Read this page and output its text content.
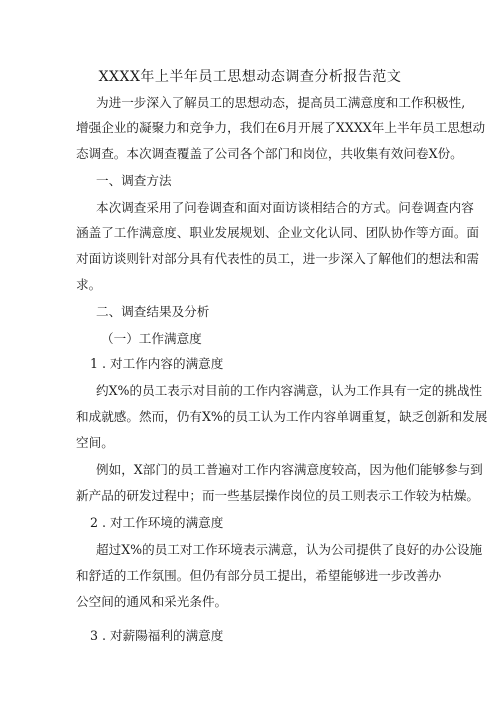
XXXX年上半年员工思想动态调查分析报告范文
为进一步深入了解员工的思想动态，提高员工满意度和工作积极性,
增强企业的凝聚力和竞争力，我们在6月开展了XXXX年上半年员工思想动
态调查。本次调查覆盖了公司各个部门和岗位，共收集有效问卷X份。
一、调查方法
本次调查采用了问卷调查和面对面访谈相结合的方式。问卷调查内容
涵盖了工作满意度、职业发展规划、企业文化认同、团队协作等方面。面
对面访谈则针对部分具有代表性的员工，进一步深入了解他们的想法和需
求。
二、调查结果及分析
（一）工作满意度
1 . 对工作内容的满意度
约X%的员工表示对目前的工作内容满意，认为工作具有一定的挑战性
和成就感。然而，仍有X%的员工认为工作内容单调重复，缺乏创新和发展
空间。
例如，X部门的员工普遍对工作内容满意度较高，因为他们能够参与到
新产品的研发过程中；而一些基层操作岗位的员工则表示工作较为枯燥。
2 . 对工作环境的满意度
超过X%的员工对工作环境表示满意，认为公司提供了良好的办公设施
和舒适的工作氛围。但仍有部分员工提出，希望能够进一步改善办
公空间的通风和采光条件。
3 . 对薪陽福利的满意度
